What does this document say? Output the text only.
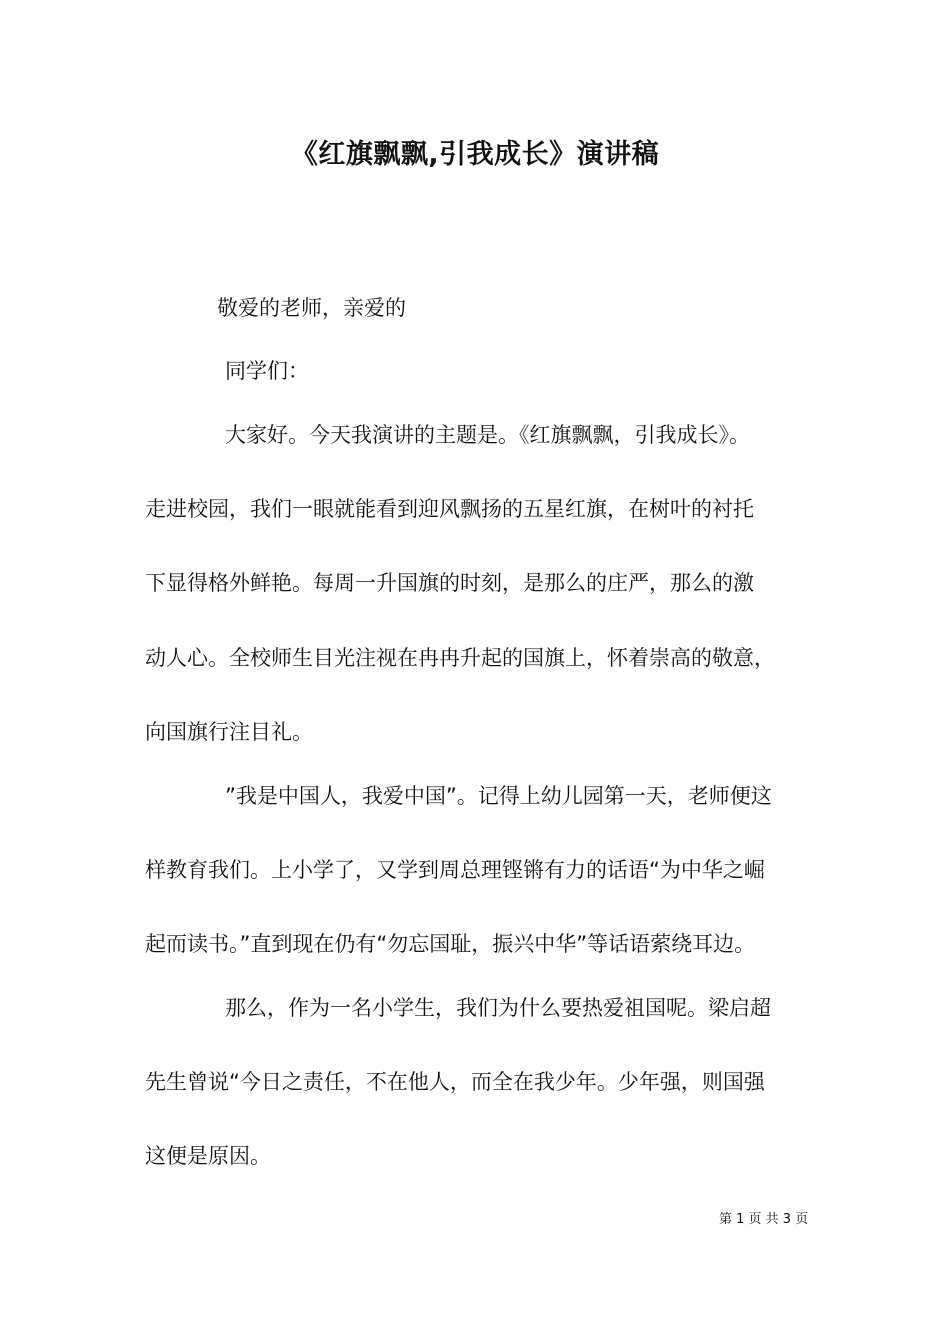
《红旗飘飘,引我成长》演讲稿
敬爱的老师，亲爱的
同学们：
大家好。今天我演讲的主题是。《红旗飘飘，引我成长》。
走进校园，我们一眼就能看到迎风飘扬的五星红旗，在树叶的衬托
下显得格外鲜艳。每周一升国旗的时刻，是那么的庄严，那么的激
动人心。全校师生目光注视在冉冉升起的国旗上，怀着崇高的敬意，
向国旗行注目礼。
”我是中国人，我爱中国”。记得上幼儿园第一天，老师便这
样教育我们。上小学了，又学到周总理铿锵有力的话语“为中华之崛
起而读书。”直到现在仍有“勿忘国耻，振兴中华”等话语萦绕耳边。
那么，作为一名小学生，我们为什么要热爱祖国呢。梁启超
先生曾说“今日之责任，不在他人，而全在我少年。少年强，则国强
这便是原因。
第 1 页 共 3 页
